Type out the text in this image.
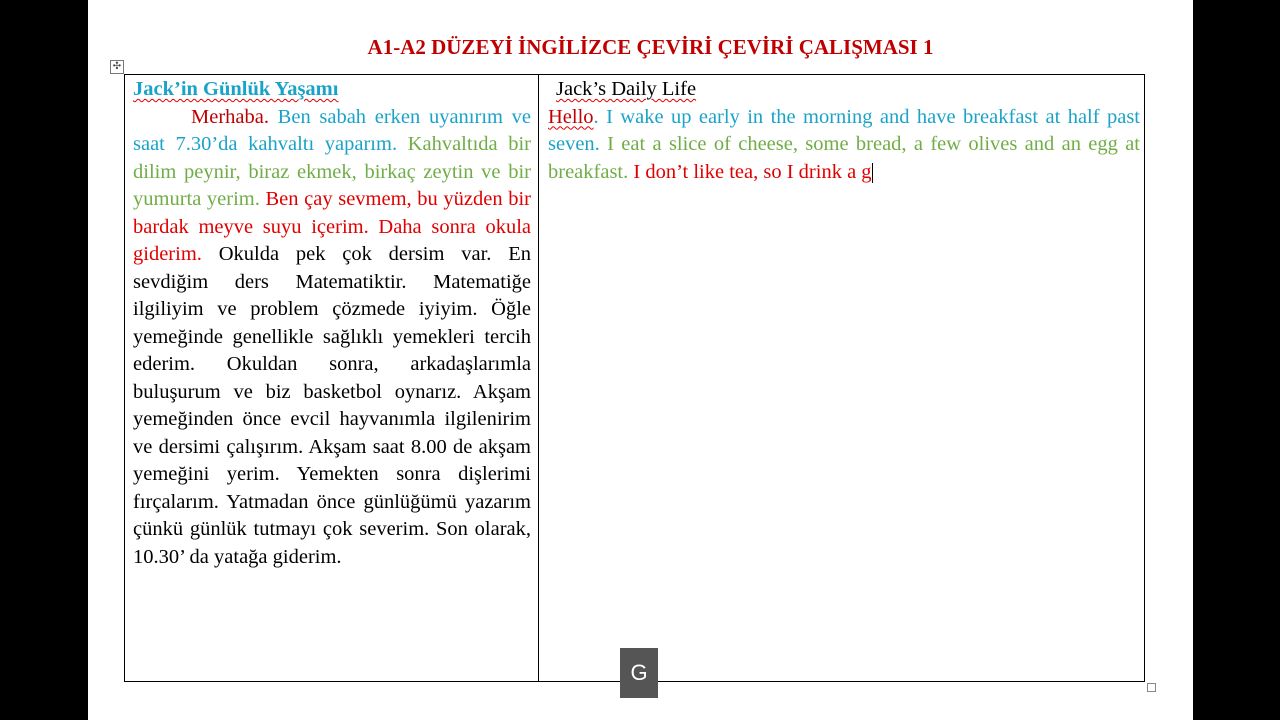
A1-A2 DÜZEYİ İNGİLİZCE ÇEVİRİ ÇEVİRİ ÇALIŞMASI 1
✣
Jack’in Günlük Yaşamı
Merhaba. Ben sabah erken uyanırım ve saat 7.30’da kahvaltı yaparım. Kahvaltıda bir dilim peynir, biraz ekmek, birkaç zeytin ve bir yumurta yerim. Ben çay sevmem, bu yüzden bir bardak meyve suyu içerim. Daha sonra okula giderim. Okulda pek çok dersim var. En sevdiğim ders Matematiktir. Matematiğe ilgiliyim ve problem çözmede iyiyim. Öğle yemeğinde genellikle sağlıklı yemekleri tercih ederim. Okuldan sonra, arkadaşlarımla buluşurum ve biz basketbol oynarız. Akşam yemeğinden önce evcil hayvanımla ilgilenirim ve dersimi çalışırım. Akşam saat 8.00 de akşam yemeğini yerim. Yemekten sonra dişlerimi fırçalarım. Yatmadan önce günlüğümü yazarım çünkü günlük tutmayı çok severim. Son olarak, 10.30’ da yatağa giderim.
Jack’s Daily Life
Hello. I wake up early in the morning and have breakfast at half past seven. I eat a slice of cheese, some bread, a few olives and an egg at breakfast. I don’t like tea, so I drink a g
G
